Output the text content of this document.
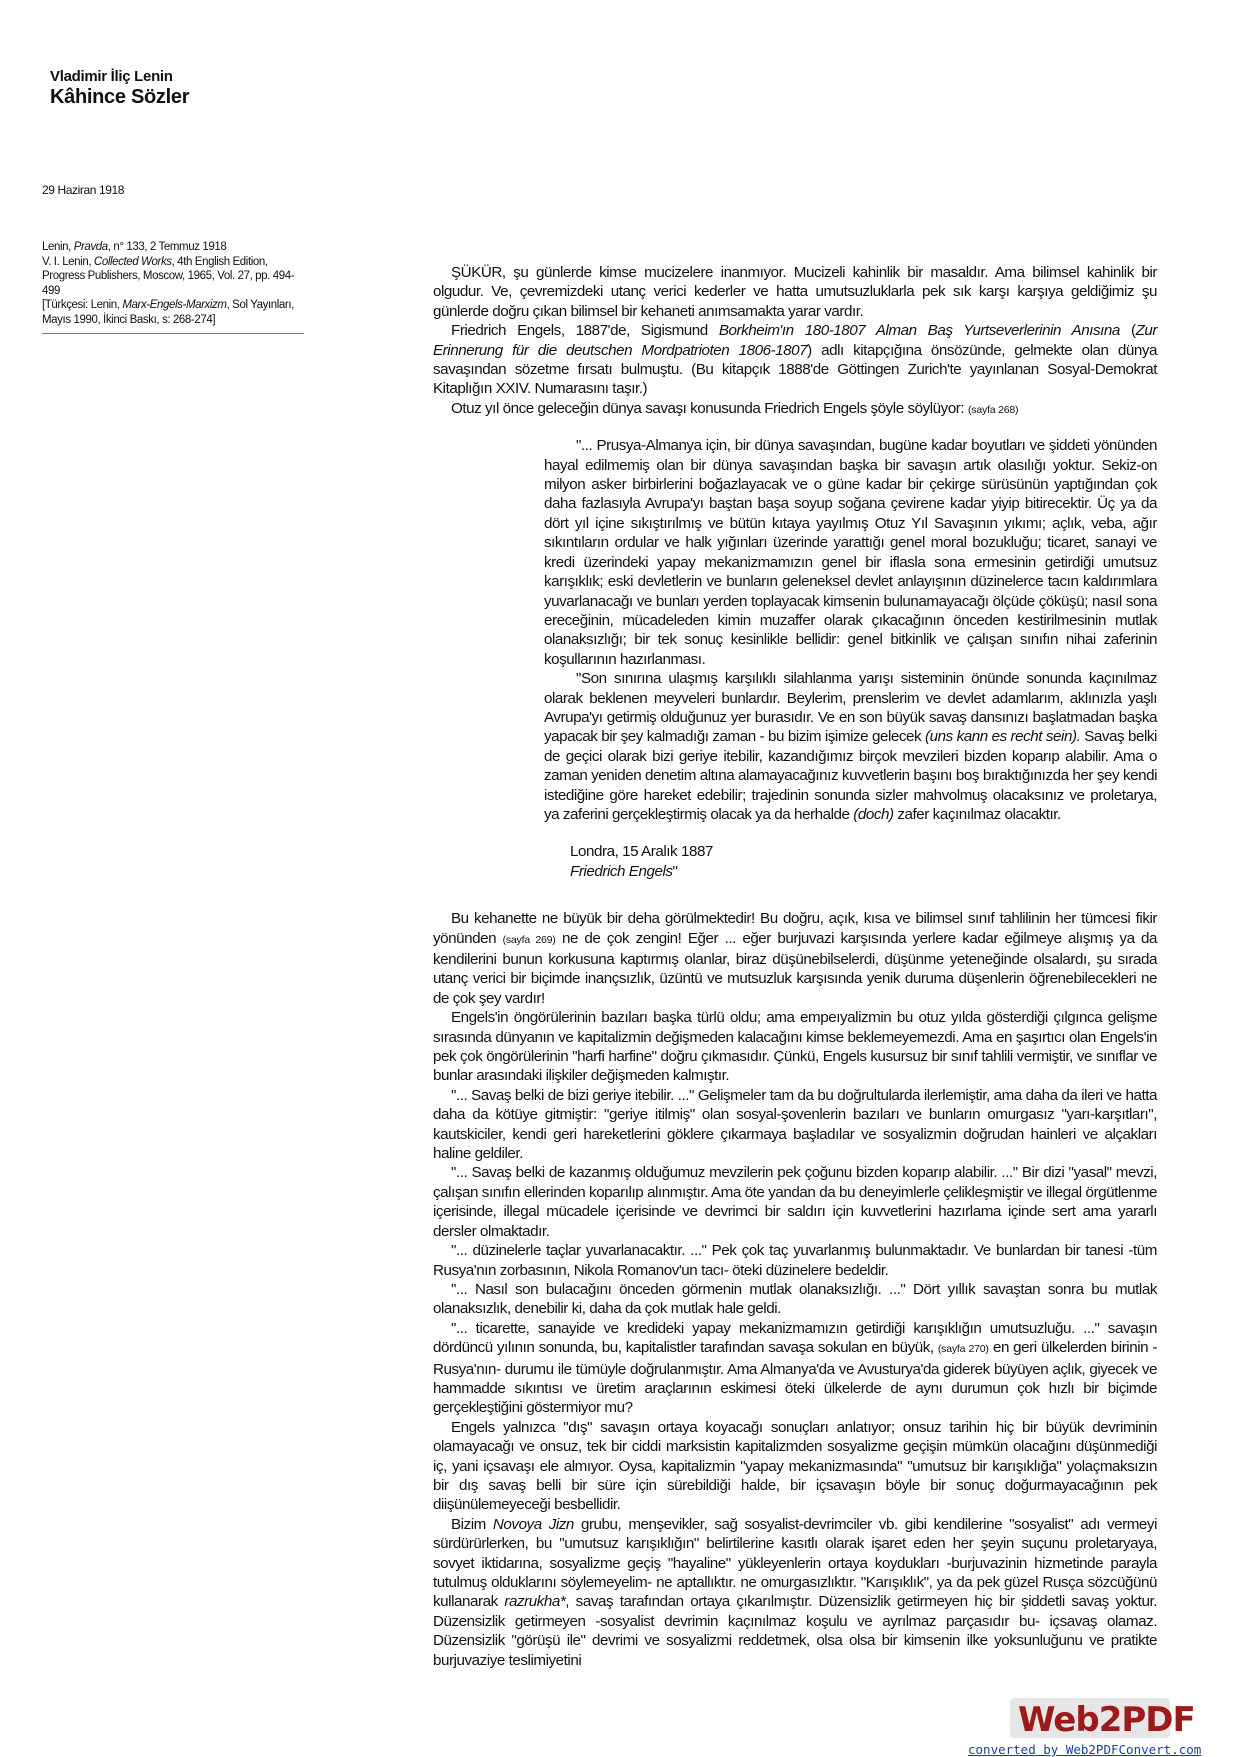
Vladimir İliç Lenin
Kâhince Sözler
29 Haziran 1918
Lenin, Pravda, n° 133, 2 Temmuz 1918
V. I. Lenin, Collected Works, 4th English Edition, Progress Publishers, Moscow, 1965, Vol. 27, pp. 494-499
[Türkçesi: Lenin, Marx-Engels-Marxizm, Sol Yayınları, Mayıs 1990, İkinci Baskı, s: 268-274]

ŞÜKÜR, şu günlerde kimse mucizelere inanmıyor. Mucizeli kahinlik bir masaldır. Ama bilimsel kahinlik bir olgudur. Ve, çevremizdeki utanç verici kederler ve hatta umutsuzluklarla pek sık karşı karşıya geldiğimiz şu günlerde doğru çıkan bilimsel bir kehaneti anımsamakta yarar vardır.

Friedrich Engels, 1887'de, Sigismund Borkheim'ın 180-1807 Alman Baş Yurtseverlerinin Anısına (Zur Erinnerung für die deutschen Mordpatrioten 1806-1807) adlı kitapçığına önsözünde, gelmekte olan dünya savaşından sözetme fırsatı bulmuştu. (Bu kitapçık 1888'de Göttingen Zurich'te yayınlanan Sosyal-Demokrat Kitaplığın XXIV. Numarasını taşır.)

Otuz yıl önce geleceğin dünya savaşı konusunda Friedrich Engels şöyle söylüyor: (sayfa 268)

"... Prusya-Almanya için, bir dünya savaşından, bugüne kadar boyutları ve şiddeti yönünden hayal edilmemiş olan bir dünya savaşından başka bir savaşın artık olasılığı yoktur. Sekiz-on milyon asker birbirlerini boğazlayacak ve o güne kadar bir çekirge sürüsünün yaptığından çok daha fazlasıyla Avrupa'yı baştan başa soyup soğana çevirene kadar yiyip bitirecektir. Üç ya da dört yıl içine sıkıştırılmış ve bütün kıtaya yayılmış Otuz Yıl Savaşının yıkımı; açlık, veba, ağır sıkıntıların ordular ve halk yığınları üzerinde yarattığı genel moral bozukluğu; ticaret, sanayi ve kredi üzerindeki yapay mekanizmamızın genel bir iflasla sona ermesinin getirdiği umutsuz karışıklık; eski devletlerin ve bunların geleneksel devlet anlayışının düzinelerce tacın kaldırımlara yuvarlanacağı ve bunları yerden toplayacak kimsenin bulunamayacağı ölçüde çöküşü; nasıl sona ereceğinin, mücadeleden kimin muzaffer olarak çıkacağının önceden kestirilmesinin mutlak olanaksızlığı; bir tek sonuç kesinlikle bellidir: genel bitkinlik ve çalışan sınıfın nihai zaferinin koşullarının hazırlanması.

"Son sınırına ulaşmış karşılıklı silahlanma yarışı sisteminin önünde sonunda kaçınılmaz olarak beklenen meyveleri bunlardır. Beylerim, prenslerim ve devlet adamlarım, aklınızla yaşlı Avrupa'yı getirmiş olduğunuz yer burasıdır. Ve en son büyük savaş dansınızı başlatmadan başka yapacak bir şey kalmadığı zaman - bu bizim işimize gelecek (uns kann es recht sein). Savaş belki de geçici olarak bizi geriye itebilir, kazandığımız birçok mevzileri bizden koparıp alabilir. Ama o zaman yeniden denetim altına alamayacağınız kuvvetlerin başını boş bıraktığınızda her şey kendi istediğine göre hareket edebilir; trajedinin sonunda sizler mahvolmuş olacaksınız ve proletarya, ya zaferini gerçekleştirmiş olacak ya da herhalde (doch) zafer kaçınılmaz olacaktır.

Londra, 15 Aralık 1887
Friedrich Engels"

Bu kehanette ne büyük bir deha görülmektedir! Bu doğru, açık, kısa ve bilimsel sınıf tahlilinin her tümcesi fikir yönünden (sayfa 269) ne de çok zengin! Eğer ... eğer burjuvazi karşısında yerlere kadar eğilmeye alışmış ya da kendilerini bunun korkusuna kaptırmış olanlar, biraz düşünebilselerdi, düşünme yeteneğinde olsalardı, şu sırada utanç verici bir biçimde inançsızlık, üzüntü ve mutsuzluk karşısında yenik duruma düşenlerin öğrenebilecekleri ne de çok şey vardır!

Engels'in öngörülerinin bazıları başka türlü oldu; ama empeıyalizmin bu otuz yılda gösterdiği çılgınca gelişme sırasında dünyanın ve kapitalizmin değişmeden kalacağını kimse beklemeyemezdi. Ama en şaşırtıcı olan Engels'in pek çok öngörülerinin "harfi harfine" doğru çıkmasıdır. Çünkü, Engels kusursuz bir sınıf tahlili vermiştir, ve sınıflar ve bunlar arasındaki ilişkiler değişmeden kalmıştır.

"... Savaş belki de bizi geriye itebilir. ..." Gelişmeler tam da bu doğrultularda ilerlemiştir, ama daha da ileri ve hatta daha da kötüye gitmiştir: "geriye itilmiş" olan sosyal-şovenlerin bazıları ve bunların omurgasız "yarı-karşıtları", kautskiciler, kendi geri hareketlerini göklere çıkarmaya başladılar ve sosyalizmin doğrudan hainleri ve alçakları haline geldiler.

"... Savaş belki de kazanmış olduğumuz mevzilerin pek çoğunu bizden koparıp alabilir. ..." Bir dizi "yasal" mevzi, çalışan sınıfın ellerinden koparılıp alınmıştır. Ama öte yandan da bu deneyimlerle çelikleşmiştir ve illegal örgütlenme içerisinde, illegal mücadele içerisinde ve devrimci bir saldırı için kuvvetlerini hazırlama içinde sert ama yararlı dersler olmaktadır.

"... düzinelerle taçlar yuvarlanacaktır. ..." Pek çok taç yuvarlanmış bulunmaktadır. Ve bunlardan bir tanesi -tüm Rusya'nın zorbasının, Nikola Romanov'un tacı- öteki düzinelere bedeldir.

"... Nasıl son bulacağını önceden görmenin mutlak olanaksızlığı. ..." Dört yıllık savaştan sonra bu mutlak olanaksızlık, denebilir ki, daha da çok mutlak hale geldi.

"... ticarette, sanayide ve kredideki yapay mekanizmamızın getirdiği karışıklığın umutsuzluğu. ..." savaşın dördüncü yılının sonunda, bu, kapitalistler tarafından savaşa sokulan en büyük, (sayfa 270) en geri ülkelerden birinin -Rusya'nın- durumu ile tümüyle doğrulanmıştır. Ama Almanya'da ve Avusturya'da giderek büyüyen açlık, giyecek ve hammadde sıkıntısı ve üretim araçlarının eskimesi öteki ülkelerde de aynı durumun çok hızlı bir biçimde gerçekleştiğini göstermiyor mu?

Engels yalnızca "dış" savaşın ortaya koyacağı sonuçları anlatıyor; onsuz tarihin hiç bir büyük devriminin olamayacağı ve onsuz, tek bir ciddi marksistin kapitalizmden sosyalizme geçişin mümkün olacağını düşünmediği iç, yani içsavaşı ele almıyor. Oysa, kapitalizmin "yapay mekanizmasında" "umutsuz bir karışıklığa" yolaçmaksızın bir dış savaş belli bir süre için sürebildiği halde, bir içsavaşın böyle bir sonuç doğurmayacağının pek diişünülemeyeceği besbellidir.

Bizim Novoya Jizn grubu, menşevikler, sağ sosyalist-devrimciler vb. gibi kendilerine "sosyalist" adı vermeyi sürdürürlerken, bu "umutsuz karışıklığın" belirtilerine kasıtlı olarak işaret eden her şeyin suçunu proletaryaya, sovyet iktidarına, sosyalizme geçiş "hayaline" yükleyenlerin ortaya koydukları -burjuvazinin hizmetinde parayla tutulmuş olduklarını söylemeyelim- ne aptallıktır. ne omurgasızlıktır. "Karışıklık", ya da pek güzel Rusça sözcüğünü kullanarak razrukha*, savaş tarafından ortaya çıkarılmıştır. Düzensizlik getirmeyen hiç bir şiddetli savaş yoktur. Düzensizlik getirmeyen -sosyalist devrimin kaçınılmaz koşulu ve ayrılmaz parçasıdır bu- içsavaş olamaz. Düzensizlik "görüşü ile" devrimi ve sosyalizmi reddetmek, olsa olsa bir kimsenin ilke yoksunluğunu ve pratikte burjuvaziye teslimiyetini

Web2PDF
converted by Web2PDFConvert.com
